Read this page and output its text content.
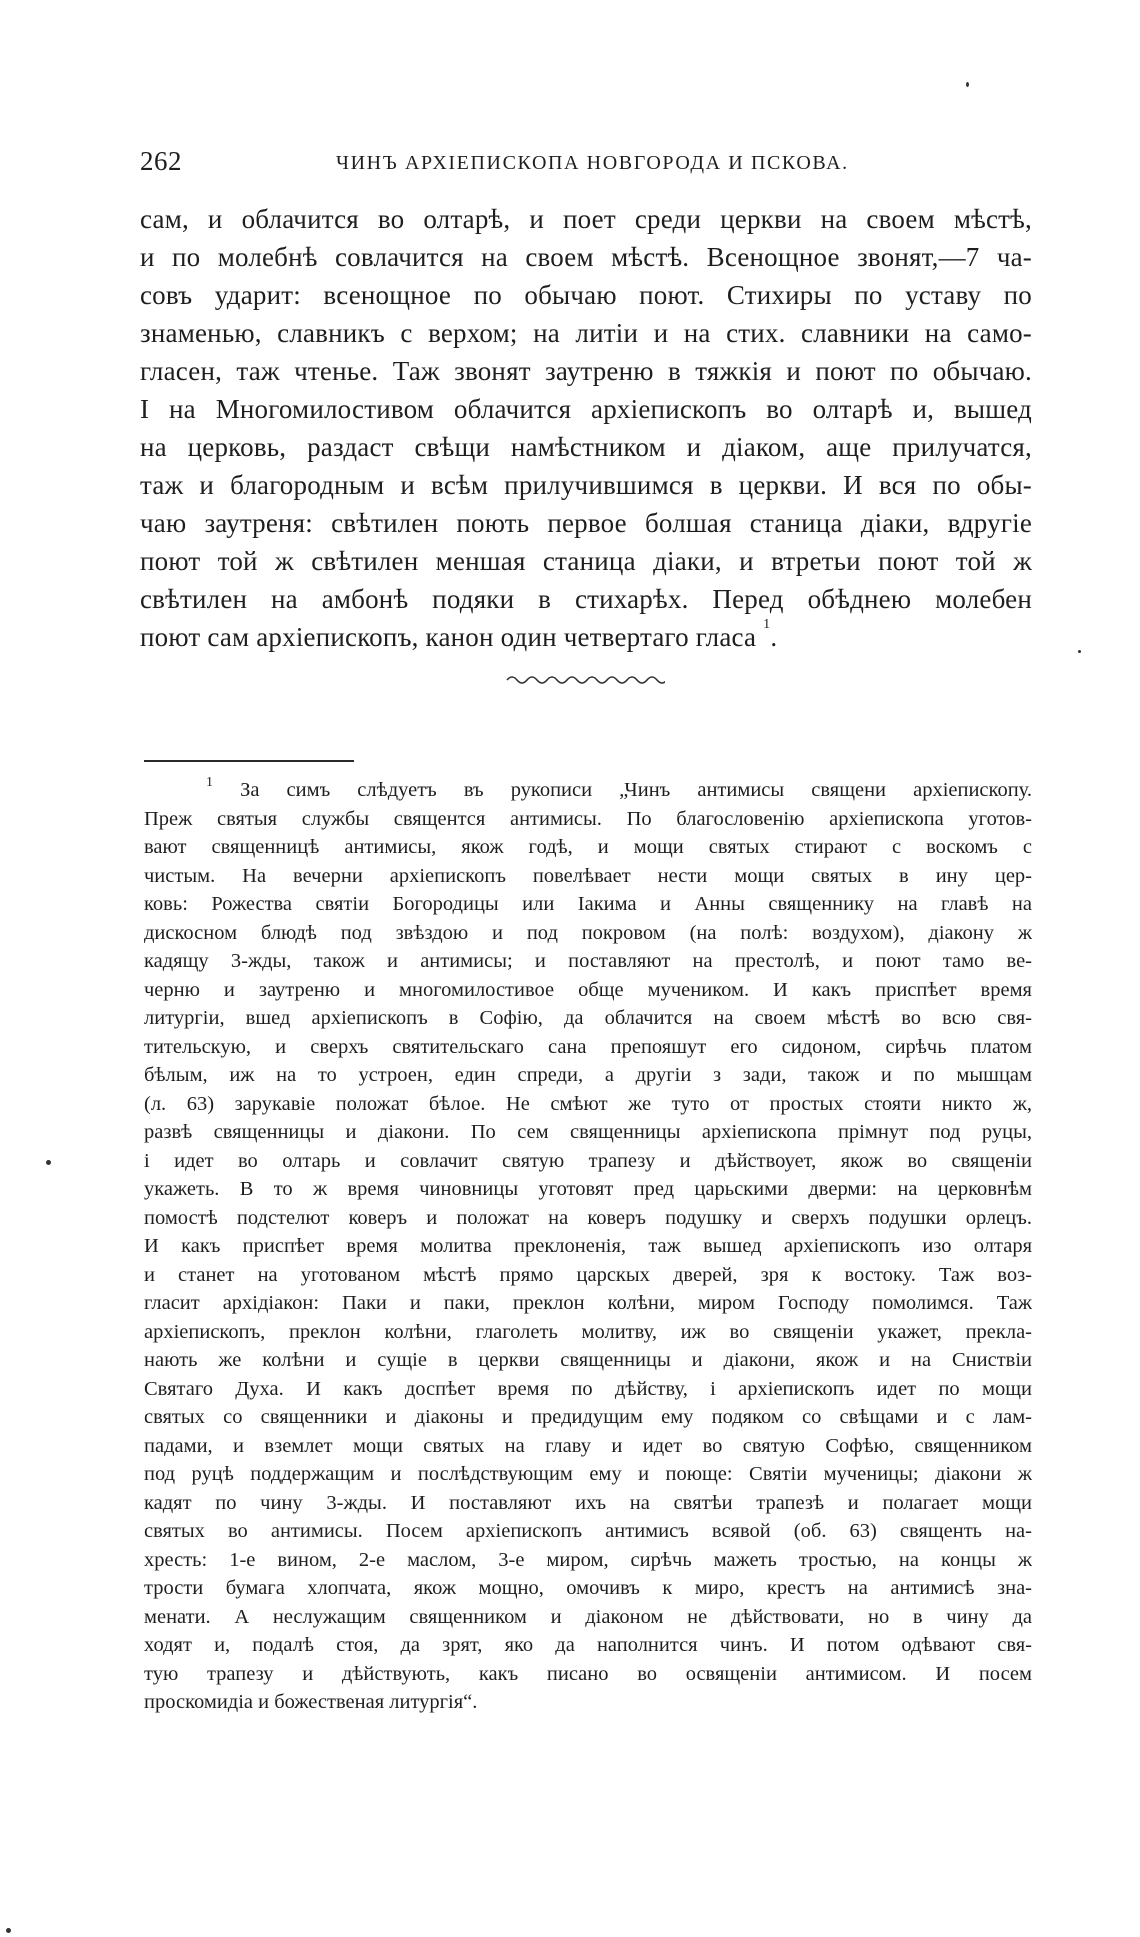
262	ЧИНЪ АРХІЕПИСКОПА НОВГОРОДА И ПСКОВА.
сам, и облачится во олтарѣ, и поет среди церкви на своем мѣстѣ,
и по молебнѣ совлачится на своем мѣстѣ. Всенощное звонят,—7 ча-
совъ ударит: всенощное по обычаю поют. Стихиры по уставу по
знаменью, славникъ с верхом; на литіи и на стих. славники на само-
гласен, таж чтенье. Таж звонят заутреню в тяжкія и поют по обычаю.
І на Многомилостивом облачится архіепископъ во олтарѣ и, вышед
на церковь, раздаст свѣщи намѣстником и діаком, аще прилучатся,
таж и благородным и всѣм прилучившимся в церкви. И вся по обы-
чаю заутреня: свѣтилен поють первое болшая станица діаки, вдругіе
поют той ж свѣтилен меншая станица діаки, и втретьи поют той ж
свѣтилен на амбонѣ подяки в стихарѣх. Перед обѣднею молебен
поют сам архіепископъ, канон один четвертаго гласа $^1$.
$^1$ За симъ слѣдуетъ въ рукописи „Чинъ антимисы священи архіепископу.
Преж святыя службы священтся антимисы. По благословенію архіепископа уготов-
вают священницѣ антимисы, якож годѣ, и мощи святых стирают с воскомъ с
чистым. На вечерни архіепископъ повелѣвает нести мощи святых в ину цер-
ковь: Рожества святіи Богородицы или Іакима и Анны священнику на главѣ на
дискосном блюдѣ под звѣздою и под покровом (на полѣ: воздухом), діакону ж
кадящу 3-жды, також и антимисы; и поставляют на престолѣ, и поют тамо ве-
черню и заутреню и многомилостивое обще мучеником. И какъ приспѣет время
литургіи, вшед архіепископъ в Софію, да облачится на своем мѣстѣ во всю свя-
тительскую, и сверхъ святительскаго сана препояшут его сидоном, сирѣчь платом
бѣлым, иж на то устроен, един спреди, а другіи з зади, також и по мышцам
(л. 63) зарукавіе положат бѣлое. Не смѣют же туто от простых стояти никто ж,
развѣ священницы и діакони. По сем священницы архіепископа прімнут под руцы,
і идет во олтарь и совлачит святую трапезу и дѣйствоует, якож во священіи
укажеть. В то ж время чиновницы уготовят пред царьскими дверми: на церковнѣм
помостѣ подстелют коверъ и положат на коверъ подушку и сверхъ подушки орлецъ.
И какъ приспѣет время молитва преклоненія, таж вышед архіепископъ изо олтаря
и станет на уготованом мѣстѣ прямо царскых дверей, зря к востоку. Таж воз-
гласит архідіакон: Паки и паки, преклон колѣни, миром Господу помолимся. Таж
архіепископъ, преклон колѣни, глаголеть молитву, иж во священіи укажет, прекла-
нають же колѣни и сущіе в церкви священницы и діакони, якож и на Сниствіи
Святаго Духа. И какъ доспѣет время по дѣйству, і архіепископъ идет по мощи
святых со священники и діаконы и предидущим ему подяком со свѣщами и с лам-
падами, и вземлет мощи святых на главу и идет во святую Софѣю, священником
под руцѣ поддержащим и послѣдствующим ему и поюще: Святіи мученицы; діакони ж
кадят по чину 3-жды. И поставляют ихъ на святѣи трапезѣ и полагает мощи
святых во антимисы. Посем архіепископъ антимисъ всявой (об. 63) священть на-
хресть: 1-е вином, 2-е маслом, 3-е миром, сирѣчь мажеть тростью, на концы ж
трости бумага хлопчата, якож мощно, омочивъ к миро, крестъ на антимисѣ зна-
менати. А неслужащим священником и діаконом не дѣйствовати, но в чину да
ходят и, подалѣ стоя, да зрят, яко да наполнится чинъ. И потом одѣвают свя-
тую трапезу и дѣйствують, какъ писано во освященіи антимисом. И посем
проскомидіа и божественая литургія“.
